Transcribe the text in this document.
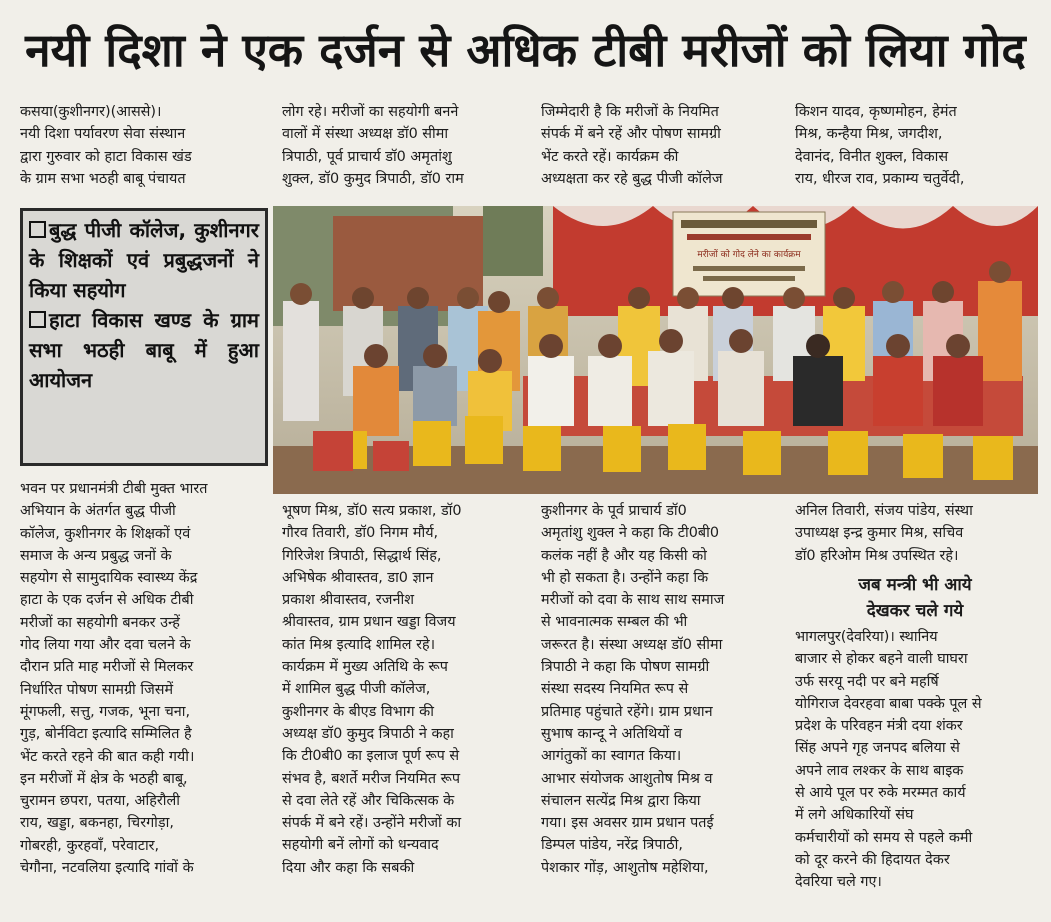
नयी दिशा ने एक दर्जन से अधिक टीबी मरीजों को लिया गोद
कसया(कुशीनगर)(आससे)।
नयी दिशा पर्यावरण सेवा संस्थान
द्वारा गुरुवार को हाटा विकास खंड
के ग्राम सभा भठही बाबू पंचायत
बुद्ध पीजी कॉलेज, कुशीनगर के शिक्षकों एवं प्रबुद्धजनों ने किया सहयोग
हाटा विकास खण्ड के ग्राम सभा भठही बाबू में हुआ आयोजन
भवन पर प्रधानमंत्री टीबी मुक्त भारत
अभियान के अंतर्गत बुद्ध पीजी
कॉलेज, कुशीनगर के शिक्षकों एवं
समाज के अन्य प्रबुद्ध जनों के
सहयोग से सामुदायिक स्वास्थ्य केंद्र
हाटा के एक दर्जन से अधिक टीबी
मरीजों का सहयोगी बनकर उन्हें
गोद लिया गया और दवा चलने के
दौरान प्रति माह मरीजों से मिलकर
निर्धारित पोषण सामग्री जिसमें
मूंगफली, सत्तु, गजक, भूना चना,
गुड़, बोर्नविटा इत्यादि सम्मिलित है
भेंट करते रहने की बात कही गयी।
इन मरीजों में क्षेत्र के भठही बाबू,
चुरामन छपरा, पतया, अहिरौली
राय, खड्डा, बकनहा, चिरगोड़ा,
गोबरही, कुरहवाँ, परेवाटार,
चेगौना, नटवलिया इत्यादि गांवों के
लोग रहे। मरीजों का सहयोगी बनने
वालों में संस्था अध्यक्ष डॉ0 सीमा
त्रिपाठी, पूर्व प्राचार्य डॉ0 अमृतांशु
शुक्ल, डॉ0 कुमुद त्रिपाठी, डॉ0 राम
भूषण मिश्र, डॉ0 सत्य प्रकाश, डॉ0
गौरव तिवारी, डॉ0 निगम मौर्य,
गिरिजेश त्रिपाठी, सिद्धार्थ सिंह,
अभिषेक श्रीवास्तव, डा0 ज्ञान
प्रकाश श्रीवास्तव, रजनीश
श्रीवास्तव, ग्राम प्रधान खड्डा विजय
कांत मिश्र इत्यादि शामिल रहे।
कार्यक्रम में मुख्य अतिथि के रूप
में शामिल बुद्ध पीजी कॉलेज,
कुशीनगर के बीएड विभाग की
अध्यक्ष डॉ0 कुमुद त्रिपाठी ने कहा
कि टी0बी0 का इलाज पूर्ण रूप से
संभव है, बशर्ते मरीज नियमित रूप
से दवा लेते रहें और चिकित्सक के
संपर्क में बने रहें। उन्होंने मरीजों का
सहयोगी बनें लोगों को धन्यवाद
दिया और कहा कि सबकी
जिम्मेदारी है कि मरीजों के नियमित
संपर्क में बने रहें और पोषण सामग्री
भेंट करते रहें। कार्यक्रम की
अध्यक्षता कर रहे बुद्ध पीजी कॉलेज
कुशीनगर के पूर्व प्राचार्य डॉ0
अमृतांशु शुक्ल ने कहा कि टी0बी0
कलंक नहीं है और यह किसी को
भी हो सकता है। उन्होंने कहा कि
मरीजों को दवा के साथ साथ समाज
से भावनात्मक सम्बल की भी
जरूरत है। संस्था अध्यक्ष डॉ0 सीमा
त्रिपाठी ने कहा कि पोषण सामग्री
संस्था सदस्य नियमित रूप से
प्रतिमाह पहुंचाते रहेंगे। ग्राम प्रधान
सुभाष कान्दू ने अतिथियों व
आगंतुकों का स्वागत किया।
आभार संयोजक आशुतोष मिश्र व
संचालन सत्येंद्र मिश्र द्वारा किया
गया। इस अवसर ग्राम प्रधान पतई
डिम्पल पांडेय, नरेंद्र त्रिपाठी,
पेशकार गोंड़, आशुतोष महेशिया,
किशन यादव, कृष्णमोहन, हेमंत
मिश्र, कन्हैया मिश्र, जगदीश,
देवानंद, विनीत शुक्ल, विकास
राय, धीरज राव, प्रकाम्य चतुर्वेदी,
अनिल तिवारी, संजय पांडेय, संस्था
उपाध्यक्ष इन्द्र कुमार मिश्र, सचिव
डॉ0 हरिओम मिश्र उपस्थित रहे।
जब मन्त्री भी आये
देखकर चले गये
भागलपुर(देवरिया)। स्थानिय
बाजार से होकर बहने वाली घाघरा
उर्फ सरयू नदी पर बने महर्षि
योगिराज देवरहवा बाबा पक्के पूल से
प्रदेश के परिवहन मंत्री दया शंकर
सिंह अपने गृह जनपद बलिया से
अपने लाव लश्कर के साथ बाइक
से आये पूल पर रुके मरम्मत कार्य
में लगे अधिकारियों संघ
कर्मचारीयों को समय से पहले कमी
को दूर करने की हिदायत देकर
देवरिया चले गए।
मरीजों को गोद लेने का कार्यक्रम
